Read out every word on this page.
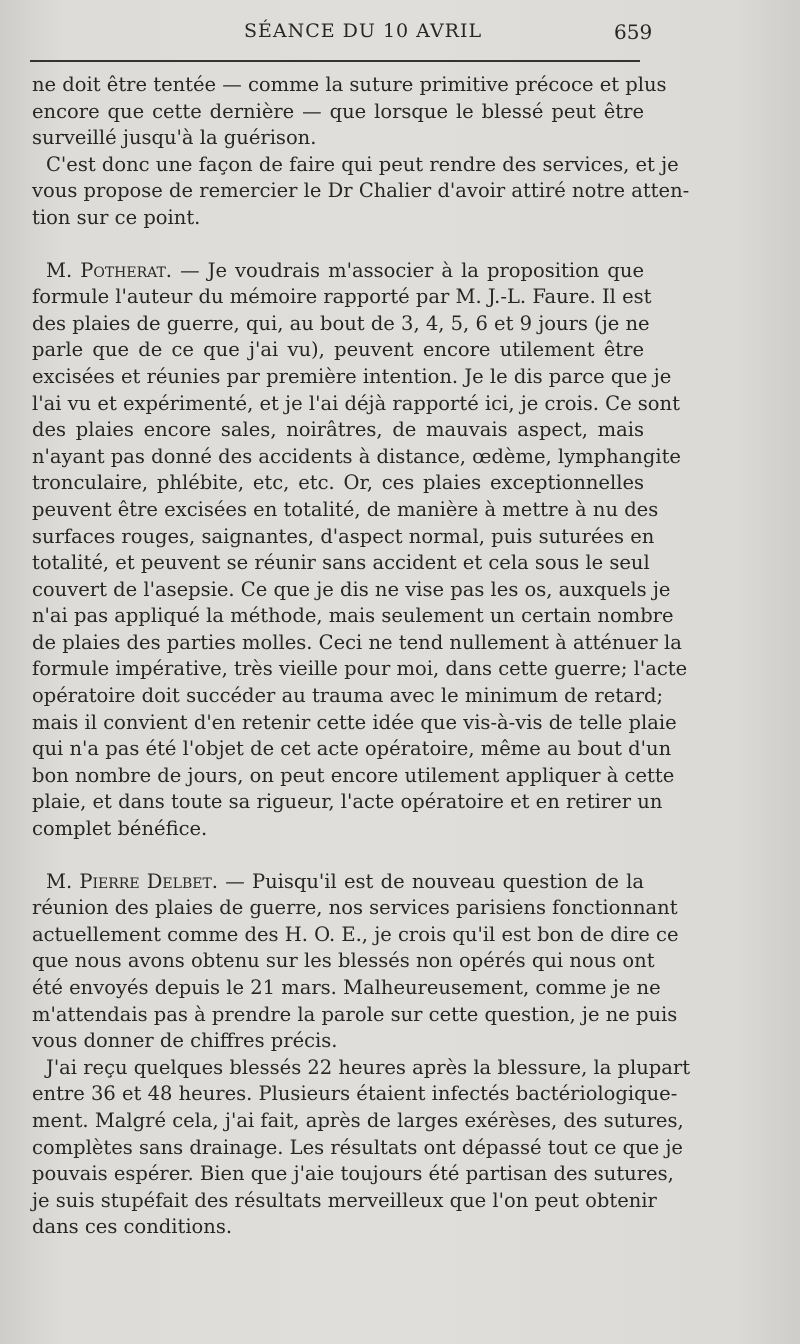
SÉANCE DU 10 AVRIL	659
ne doit être tentée — comme la suture primitive précoce et plus
encore que cette dernière — que lorsque le blessé peut être
surveillé jusqu'à la guérison.
C'est donc une façon de faire qui peut rendre des services, et je
vous propose de remercier le Dr Chalier d'avoir attiré notre atten-
tion sur ce point.
M. Potherat. — Je voudrais m'associer à la proposition que
formule l'auteur du mémoire rapporté par M. J.-L. Faure. Il est
des plaies de guerre, qui, au bout de 3, 4, 5, 6 et 9 jours (je ne
parle que de ce que j'ai vu), peuvent encore utilement être
excisées et réunies par première intention. Je le dis parce que je
l'ai vu et expérimenté, et je l'ai déjà rapporté ici, je crois. Ce sont
des plaies encore sales, noirâtres, de mauvais aspect, mais
n'ayant pas donné des accidents à distance, œdème, lymphangite
tronculaire, phlébite, etc, etc. Or, ces plaies exceptionnelles
peuvent être excisées en totalité, de manière à mettre à nu des
surfaces rouges, saignantes, d'aspect normal, puis suturées en
totalité, et peuvent se réunir sans accident et cela sous le seul
couvert de l'asepsie. Ce que je dis ne vise pas les os, auxquels je
n'ai pas appliqué la méthode, mais seulement un certain nombre
de plaies des parties molles. Ceci ne tend nullement à atténuer la
formule impérative, très vieille pour moi, dans cette guerre; l'acte
opératoire doit succéder au trauma avec le minimum de retard;
mais il convient d'en retenir cette idée que vis-à-vis de telle plaie
qui n'a pas été l'objet de cet acte opératoire, même au bout d'un
bon nombre de jours, on peut encore utilement appliquer à cette
plaie, et dans toute sa rigueur, l'acte opératoire et en retirer un
complet bénéfice.
M. Pierre Delbet. — Puisqu'il est de nouveau question de la
réunion des plaies de guerre, nos services parisiens fonctionnant
actuellement comme des H. O. E., je crois qu'il est bon de dire ce
que nous avons obtenu sur les blessés non opérés qui nous ont
été envoyés depuis le 21 mars. Malheureusement, comme je ne
m'attendais pas à prendre la parole sur cette question, je ne puis
vous donner de chiffres précis.
J'ai reçu quelques blessés 22 heures après la blessure, la plupart
entre 36 et 48 heures. Plusieurs étaient infectés bactériologique-
ment. Malgré cela, j'ai fait, après de larges exérèses, des sutures,
complètes sans drainage. Les résultats ont dépassé tout ce que je
pouvais espérer. Bien que j'aie toujours été partisan des sutures,
je suis stupéfait des résultats merveilleux que l'on peut obtenir
dans ces conditions.
